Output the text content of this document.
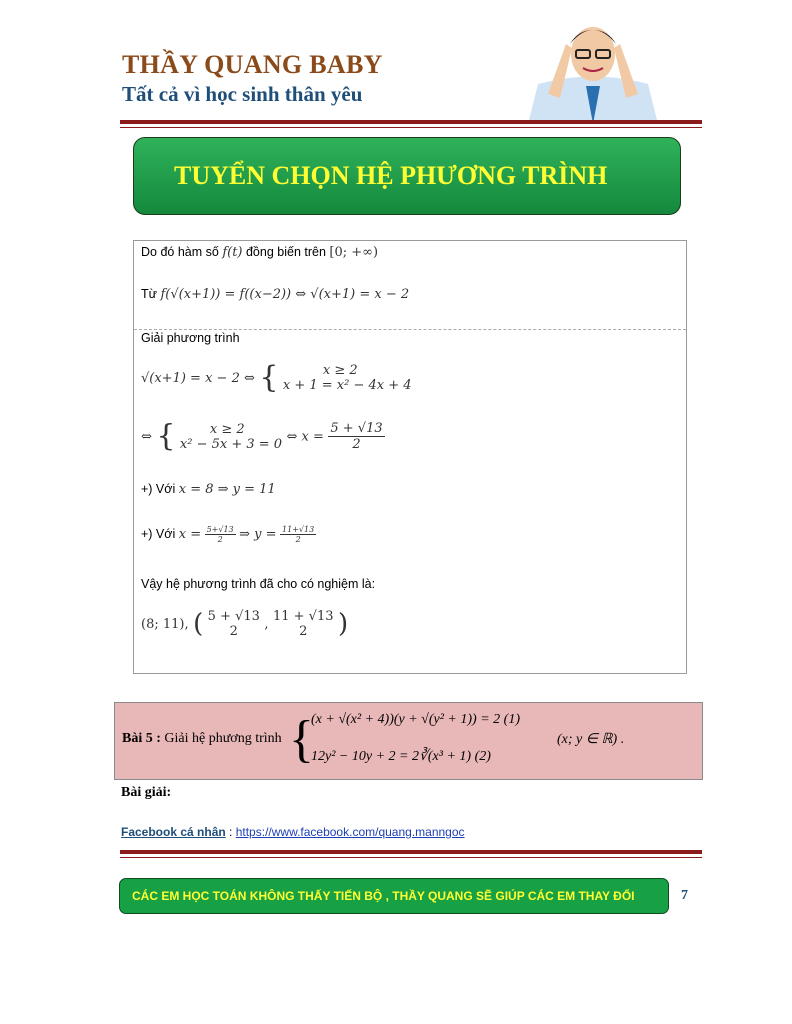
THẦY QUANG BABY
Tất cả vì học sinh thân yêu
TUYỂN CHỌN HỆ PHƯƠNG TRÌNH
Do đó hàm số f(t) đồng biến trên [0; +∞)
Từ f(√(x+1)) = f((x−2)) ⇔ √(x+1) = x − 2
Giải phương trình
√(x+1) = x − 2 ⇔ {	x ≥ 2
x + 1 = x² − 4x + 4
⇔ {	x ≥ 2
x² − 5x + 3 = 0 ⇔ $x = \frac{5 + √13}{2}$
+) Với x = 8 ⇒ y = 11
+) Với $x = \frac{5+√13}{2}$ ⇒ $y = \frac{11+√13}{2}$
Vậy hệ phương trình đã cho có nghiệm là:
(8; 11), ( 5 + √13
2 ,
11 + √13
2 )
Bài 5 : Giải hệ phương trình {
(x + √(x² + 4))(y + √(y² + 1)) = 2 (1)
12y² − 10y + 2 = 2∛(x³ + 1) (2)
(x; y ∈ ℝ) .
Bài giải:
Facebook cá nhân : https://www.facebook.com/quang.manngoc
CÁC EM HỌC TOÁN KHÔNG THẤY TIẾN BỘ , THẦY QUANG SẼ GIÚP CÁC EM THAY ĐỔI	7
